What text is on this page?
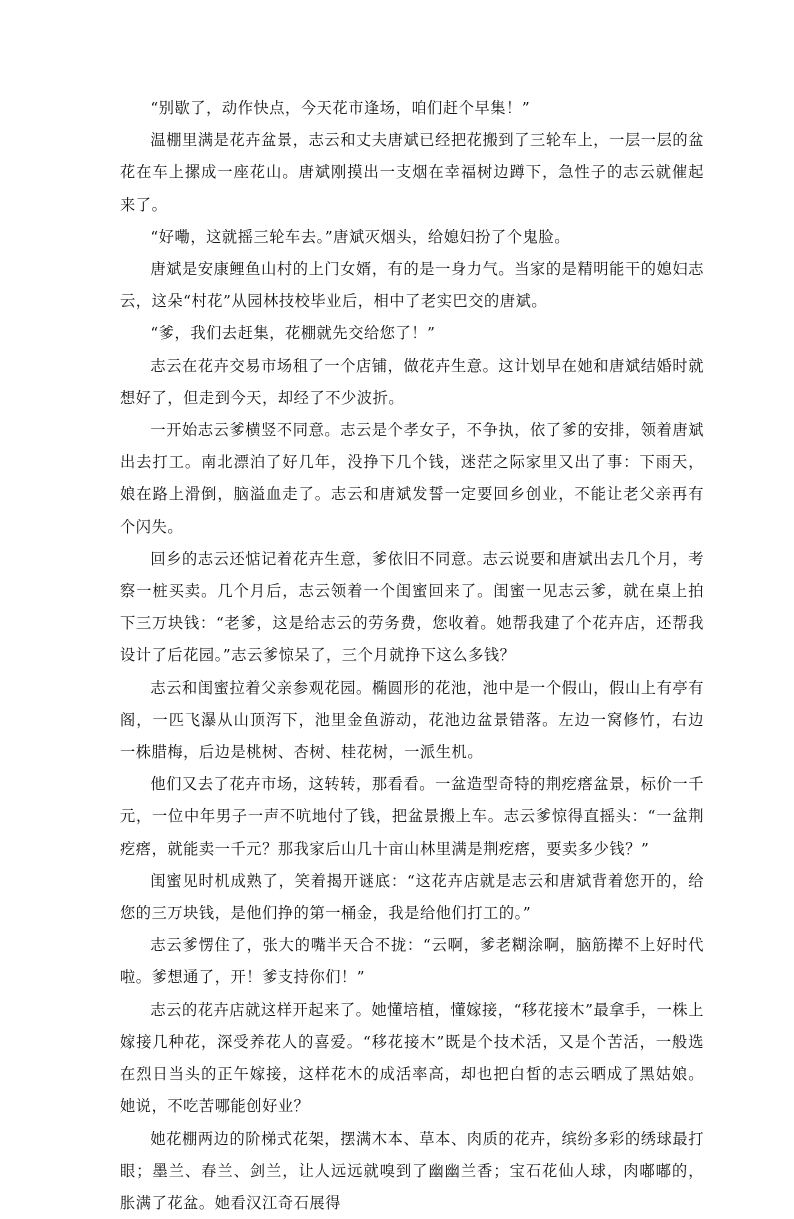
“别歇了，动作快点，今天花市逢场，咱们赶个早集！”

温棚里满是花卉盆景，志云和丈夫唐斌已经把花搬到了三轮车上，一层一层的盆花在车上摞成一座花山。唐斌刚摸出一支烟在幸福树边蹲下，急性子的志云就催起来了。

“好嘞，这就摇三轮车去。”唐斌灭烟头，给媳妇扮了个鬼脸。

唐斌是安康鲤鱼山村的上门女婿，有的是一身力气。当家的是精明能干的媳妇志云，这朵“村花”从园林技校毕业后，相中了老实巴交的唐斌。

“爹，我们去赶集，花棚就先交给您了！”

志云在花卉交易市场租了一个店铺，做花卉生意。这计划早在她和唐斌结婚时就想好了，但走到今天，却经了不少波折。

一开始志云爹横竖不同意。志云是个孝女子，不争执，依了爹的安排，领着唐斌出去打工。南北漂泊了好几年，没挣下几个钱，迷茫之际家里又出了事：下雨天，娘在路上滑倒，脑溢血走了。志云和唐斌发誓一定要回乡创业，不能让老父亲再有个闪失。

回乡的志云还惦记着花卉生意，爹依旧不同意。志云说要和唐斌出去几个月，考察一桩买卖。几个月后，志云领着一个闺蜜回来了。闺蜜一见志云爹，就在桌上拍下三万块钱：“老爹，这是给志云的劳务费，您收着。她帮我建了个花卉店，还帮我设计了后花园。”志云爹惊呆了，三个月就挣下这么多钱？

志云和闺蜜拉着父亲参观花园。椭圆形的花池，池中是一个假山，假山上有亭有阁，一匹飞瀑从山顶泻下，池里金鱼游动，花池边盆景错落。左边一窝修竹，右边一株腊梅，后边是桃树、杏树、桂花树，一派生机。

他们又去了花卉市场，这转转，那看看。一盆造型奇特的荆疙瘩盆景，标价一千元，一位中年男子一声不吭地付了钱，把盆景搬上车。志云爹惊得直摇头：“一盆荆疙瘩，就能卖一千元？那我家后山几十亩山林里满是荆疙瘩，要卖多少钱？”

闺蜜见时机成熟了，笑着揭开谜底：“这花卉店就是志云和唐斌背着您开的，给您的三万块钱，是他们挣的第一桶金，我是给他们打工的。”

志云爹愣住了，张大的嘴半天合不拢：“云啊，爹老糊涂啊，脑筋撵不上好时代啦。爹想通了，开！爹支持你们！”

志云的花卉店就这样开起来了。她懂培植，懂嫁接，“移花接木”最拿手，一株上嫁接几种花，深受养花人的喜爱。“移花接木”既是个技术活，又是个苦活，一般选在烈日当头的正午嫁接，这样花木的成活率高，却也把白皙的志云晒成了黑姑娘。她说，不吃苦哪能创好业？

她花棚两边的阶梯式花架，摆满木本、草本、肉质的花卉，缤纷多彩的绣球最打眼；墨兰、春兰、剑兰，让人远远就嗅到了幽幽兰香；宝石花仙人球，肉嘟嘟的，胀满了花盆。她看汉江奇石展得
